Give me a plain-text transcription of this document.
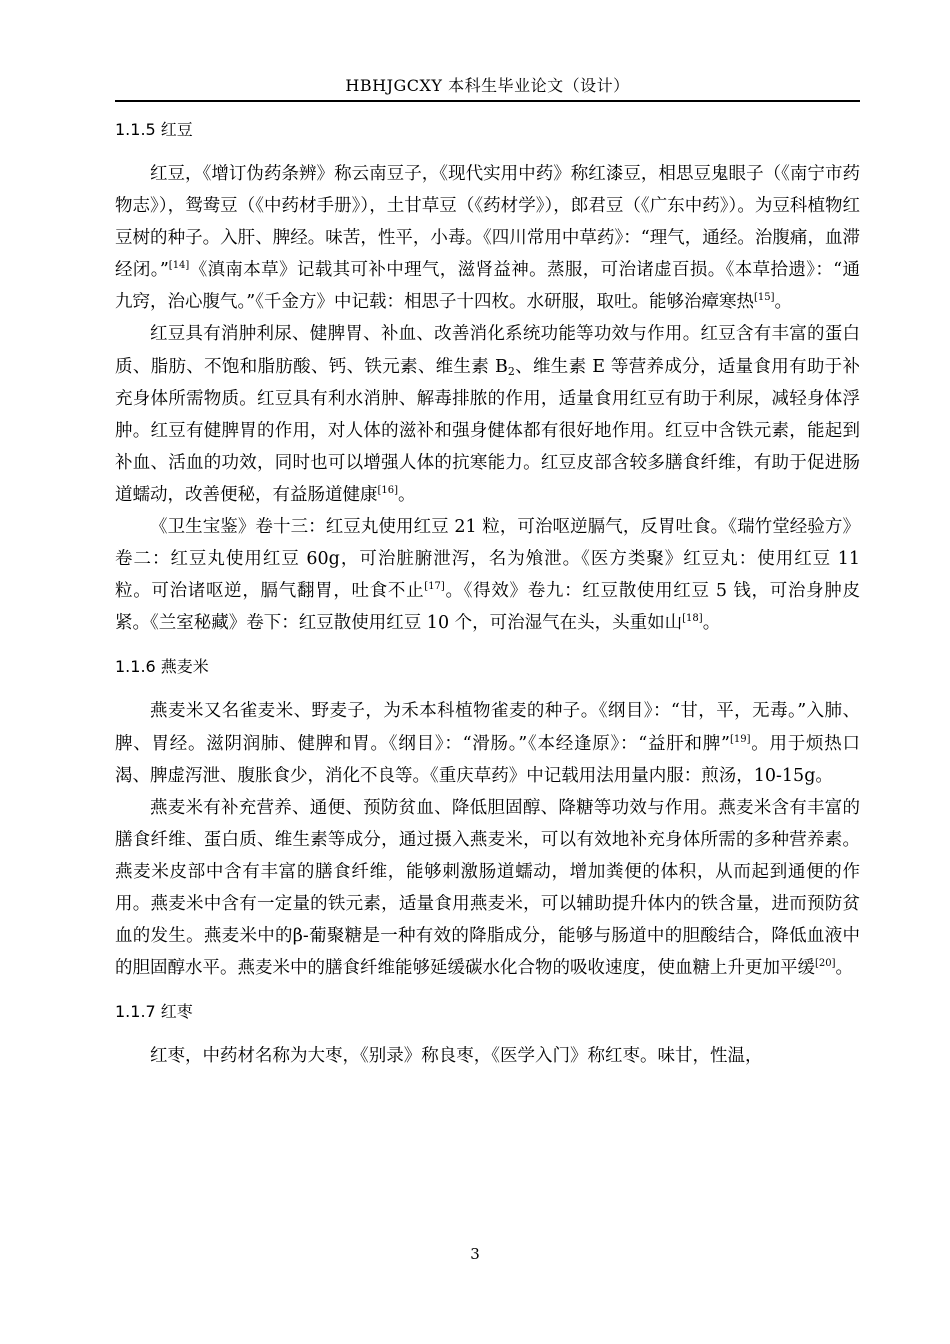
HBHJGCXY 本科生毕业论文（设计）
1.1.5 红豆

红豆，《增订伪药条辨》称云南豆子，《现代实用中药》称红漆豆，相思豆鬼眼子（《南宁市药物志》），鸳鸯豆（《中药材手册》），土甘草豆（《药材学》），郎君豆（《广东中药》）。为豆科植物红豆树的种子。入肝、脾经。味苦，性平，小毒。《四川常用中草药》：“理气，通经。治腹痛，血滞经闭。”[14]《滇南本草》记载其可补中理气，滋肾益神。蒸服，可治诸虚百损。《本草拾遗》：“通九窍，治心腹气。”《千金方》中记载：相思子十四枚。水研服，取吐。能够治瘴寒热[15]。

红豆具有消肿利尿、健脾胃、补血、改善消化系统功能等功效与作用。红豆含有丰富的蛋白质、脂肪、不饱和脂肪酸、钙、铁元素、维生素 $B_2$、维生素 E 等营养成分，适量食用有助于补充身体所需物质。红豆具有利水消肿、解毒排脓的作用，适量食用红豆有助于利尿，减轻身体浮肿。红豆有健脾胃的作用，对人体的滋补和强身健体都有很好地作用。红豆中含铁元素，能起到补血、活血的功效，同时也可以增强人体的抗寒能力。红豆皮部含较多膳食纤维，有助于促进肠道蠕动，改善便秘，有益肠道健康[16]。

《卫生宝鉴》卷十三：红豆丸使用红豆 21 粒，可治呕逆膈气，反胃吐食。《瑞竹堂经验方》卷二：红豆丸使用红豆 60g，可治脏腑泄泻，名为飧泄。《医方类聚》红豆丸：使用红豆 11 粒。可治诸呕逆，膈气翻胃，吐食不止[17]。《得效》卷九：红豆散使用红豆 5 钱，可治身肿皮紧。《兰室秘藏》卷下：红豆散使用红豆 10 个，可治湿气在头，头重如山[18]。

1.1.6 燕麦米

燕麦米又名雀麦米、野麦子，为禾本科植物雀麦的种子。《纲目》：“甘，平，无毒。”入肺、脾、胃经。滋阴润肺、健脾和胃。《纲目》：“滑肠。”《本经逢原》：“益肝和脾”[19]。用于烦热口渴、脾虚泻泄、腹胀食少，消化不良等。《重庆草药》中记载用法用量内服：煎汤，10-15g。

燕麦米有补充营养、通便、预防贫血、降低胆固醇、降糖等功效与作用。燕麦米含有丰富的膳食纤维、蛋白质、维生素等成分，通过摄入燕麦米，可以有效地补充身体所需的多种营养素。燕麦米皮部中含有丰富的膳食纤维，能够刺激肠道蠕动，增加粪便的体积，从而起到通便的作用。燕麦米中含有一定量的铁元素，适量食用燕麦米，可以辅助提升体内的铁含量，进而预防贫血的发生。燕麦米中的β-葡聚糖是一种有效的降脂成分，能够与肠道中的胆酸结合，降低血液中的胆固醇水平。燕麦米中的膳食纤维能够延缓碳水化合物的吸收速度，使血糖上升更加平缓[20]。

1.1.7 红枣

红枣，中药材名称为大枣，《别录》称良枣，《医学入门》称红枣。味甘，性温，

3
